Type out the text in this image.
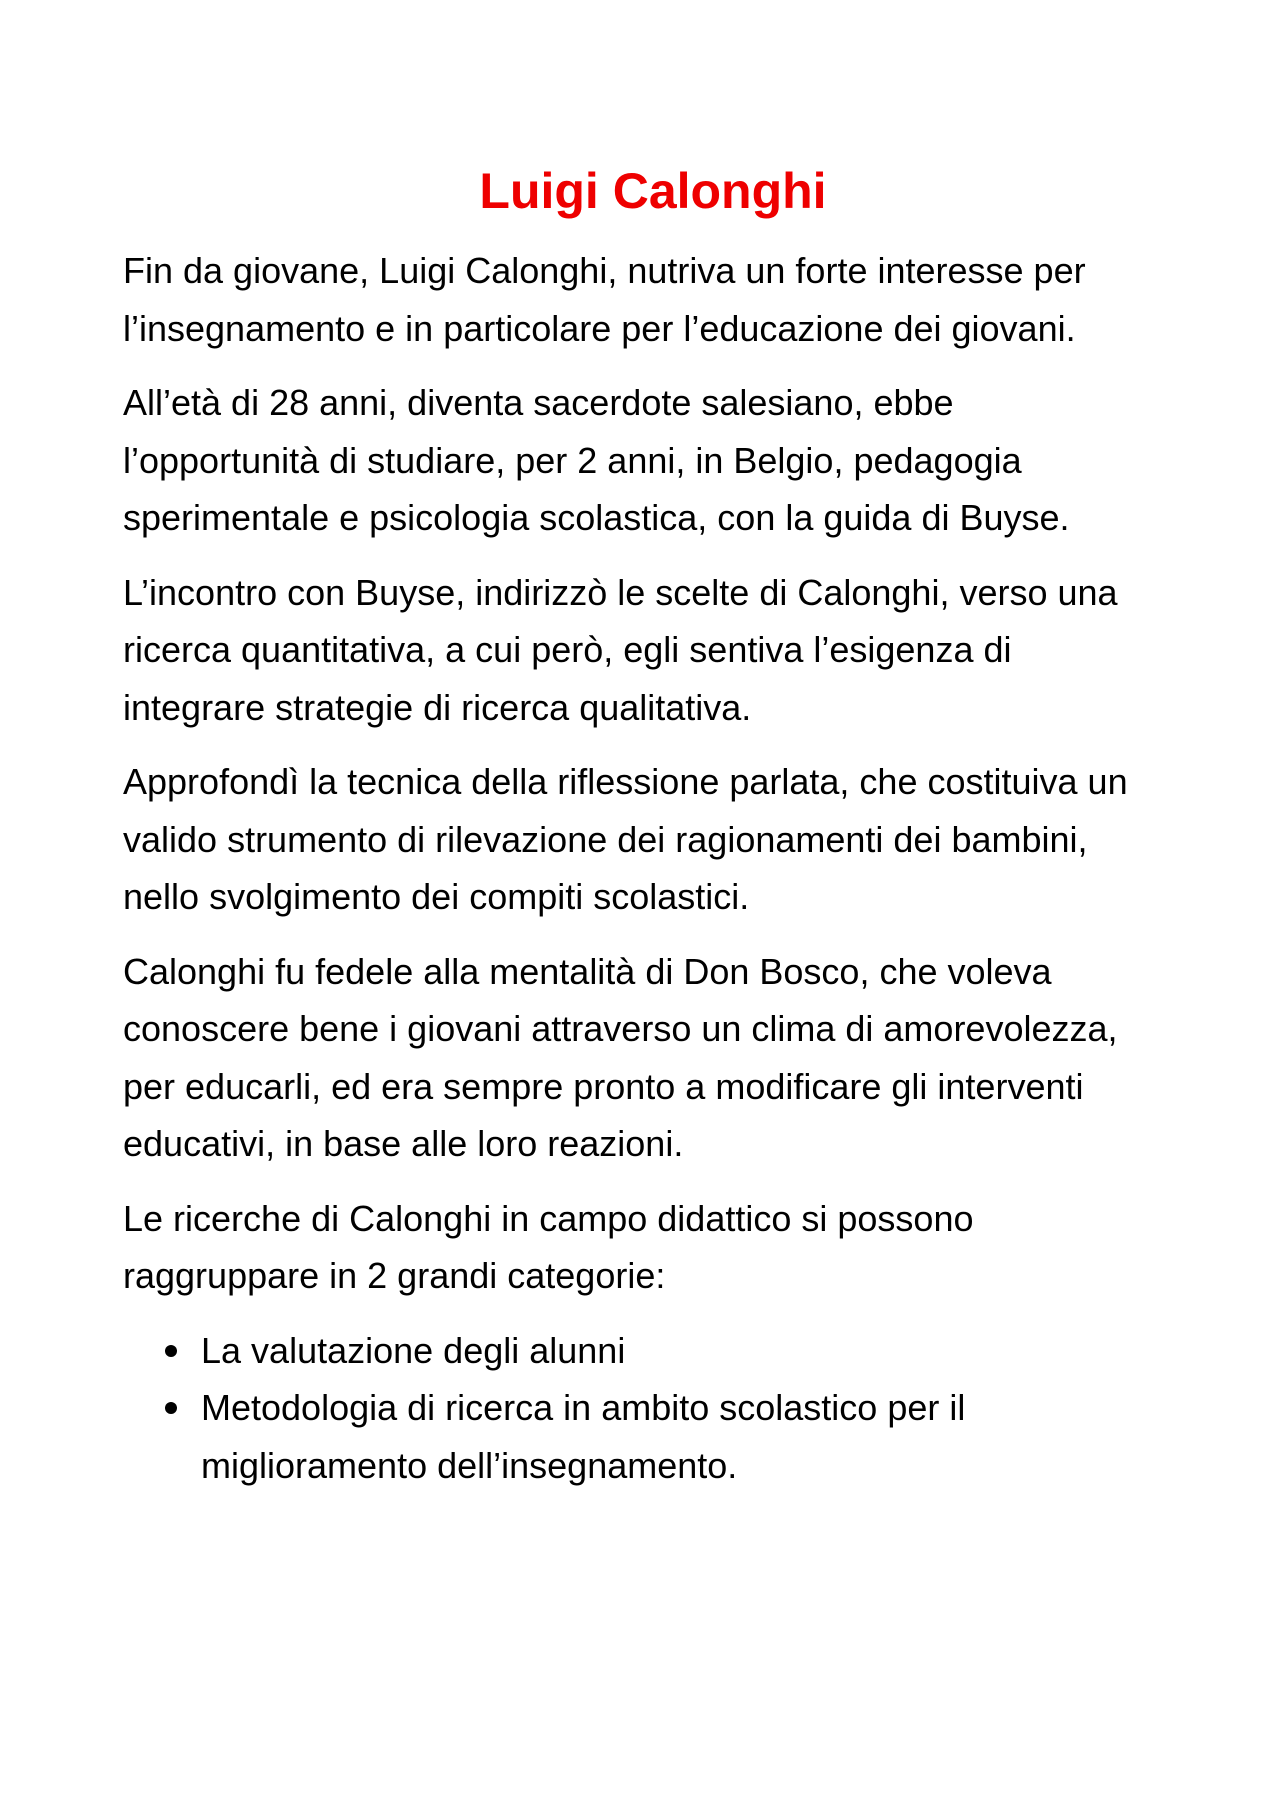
Luigi Calonghi

Fin da giovane, Luigi Calonghi, nutriva un forte interesse per l’insegnamento e in particolare per l’educazione dei giovani.

All’età di 28 anni, diventa sacerdote salesiano, ebbe l’opportunità di studiare, per 2 anni, in Belgio, pedagogia sperimentale e psicologia scolastica, con la guida di Buyse.

L’incontro con Buyse, indirizzò le scelte di Calonghi, verso una ricerca quantitativa, a cui però, egli sentiva l’esigenza di integrare strategie di ricerca qualitativa.

Approfondì la tecnica della riflessione parlata, che costituiva un valido strumento di rilevazione dei ragionamenti dei bambini, nello svolgimento dei compiti scolastici.

Calonghi fu fedele alla mentalità di Don Bosco, che voleva conoscere bene i giovani attraverso un clima di amorevolezza, per educarli, ed era sempre pronto a modificare gli interventi educativi, in base alle loro reazioni.

Le ricerche di Calonghi in campo didattico si possono raggruppare in 2 grandi categorie:

La valutazione degli alunni
Metodologia di ricerca in ambito scolastico per il miglioramento dell’insegnamento.
